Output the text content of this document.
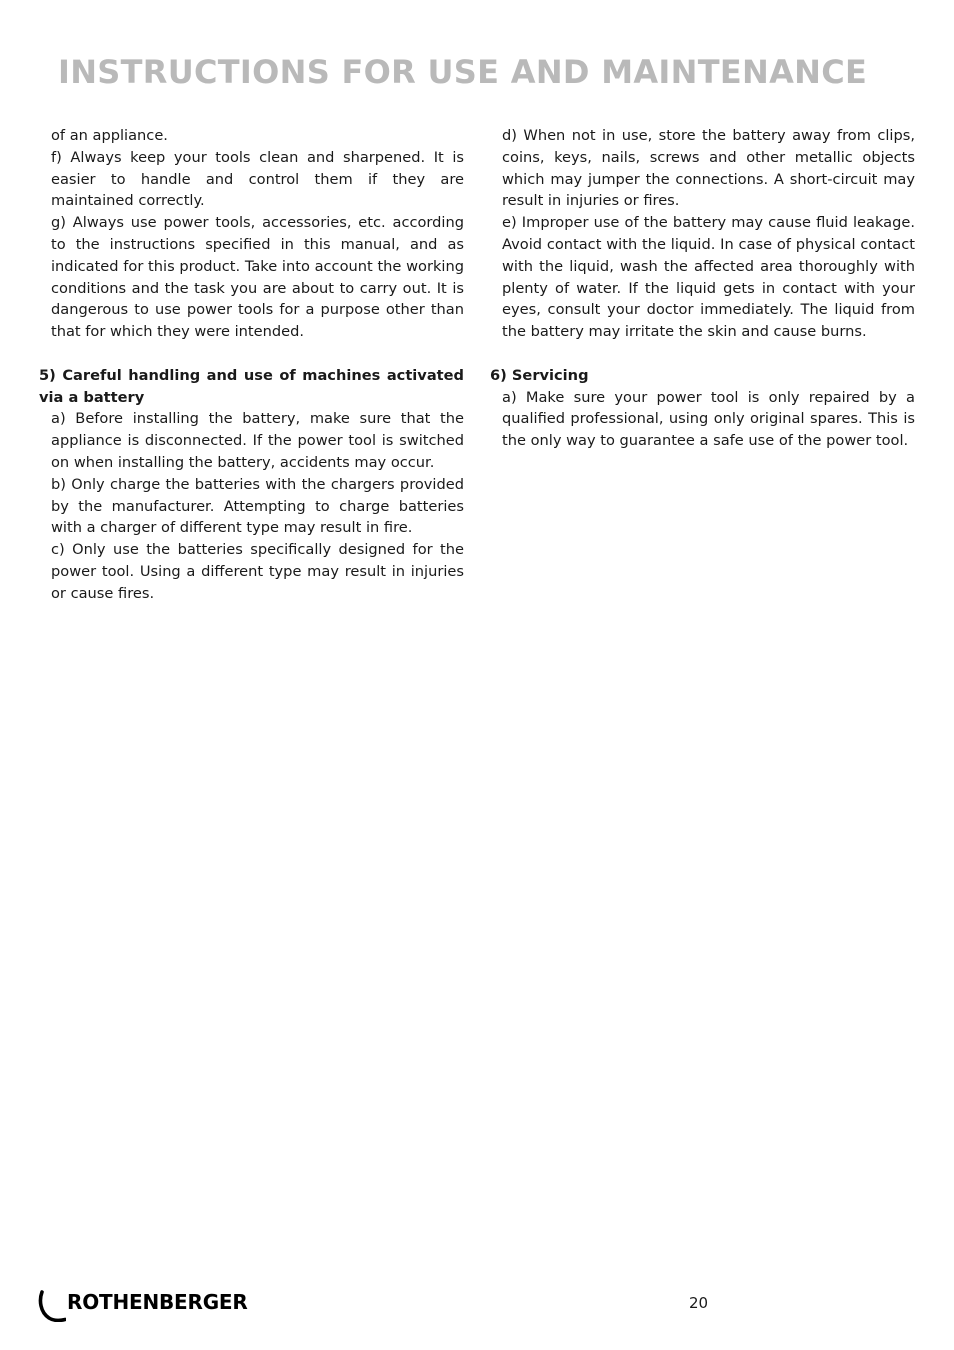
INSTRUCTIONS FOR USE AND MAINTENANCE

of an appliance.

f) Always keep your tools clean and sharpened. It is easier to handle and control them if they are maintained correctly.

g) Always use power tools, accessories, etc. according to the instructions specified in this manual, and as indicated for this product. Take into account the working conditions and the task you are about to carry out. It is dangerous to use power tools for a purpose other than that for which they were intended.

5) Careful handling and use of machines activated via a battery

a) Before installing the battery, make sure that the appliance is disconnected. If the power tool is switched on when installing the battery, accidents may occur.

b) Only charge the batteries with the chargers provided by the manufacturer. Attempting to charge batteries with a charger of different type may result in fire.

c) Only use the batteries specifically designed for the power tool. Using a different type may result in injuries or cause fires.

d) When not in use, store the battery away from clips, coins, keys, nails, screws and other metallic objects which may jumper the connections. A short-circuit may result in injuries or fires.

e) Improper use of the battery may cause fluid leakage. Avoid contact with the liquid. In case of physical contact with the liquid, wash the affected area thoroughly with plenty of water. If the liquid gets in contact with your eyes, consult your doctor immediately. The liquid from the battery may irritate the skin and cause burns.

6) Servicing

a) Make sure your power tool is only repaired by a qualified professional, using only original spares. This is the only way to guarantee a safe use of the power tool.

ROTHENBERGER	20
